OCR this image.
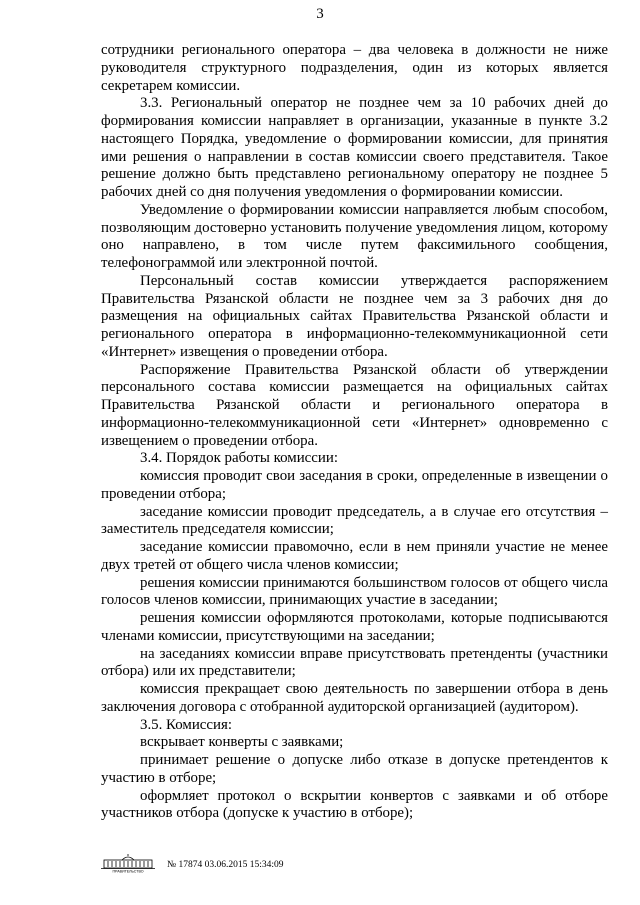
3

сотрудники регионального оператора – два человека в должности не ниже руководителя структурного подразделения, один из которых является секретарем комиссии.

3.3. Региональный оператор не позднее чем за 10 рабочих дней до формирования комиссии направляет в организации, указанные в пункте 3.2 настоящего Порядка, уведомление о формировании комиссии, для принятия ими решения о направлении в состав комиссии своего представителя. Такое решение должно быть представлено региональному оператору не позднее 5 рабочих дней со дня получения уведомления о формировании комиссии.

Уведомление о формировании комиссии направляется любым способом, позволяющим достоверно установить получение уведомления лицом, которому оно направлено, в том числе путем факсимильного сообщения, телефонограммой или электронной почтой.

Персональный состав комиссии утверждается распоряжением Правительства Рязанской области не позднее чем за 3 рабочих дня до размещения на официальных сайтах Правительства Рязанской области и регионального оператора в информационно-телекоммуникационной сети «Интернет» извещения о проведении отбора.

Распоряжение Правительства Рязанской области об утверждении персонального состава комиссии размещается на официальных сайтах Правительства Рязанской области и регионального оператора в информационно-телекоммуникационной сети «Интернет» одновременно с извещением о проведении отбора.

3.4. Порядок работы комиссии:

комиссия проводит свои заседания в сроки, определенные в извещении о проведении отбора;

заседание комиссии проводит председатель, а в случае его отсутствия – заместитель председателя комиссии;

заседание комиссии правомочно, если в нем приняли участие не менее двух третей от общего числа членов комиссии;

решения комиссии принимаются большинством голосов от общего числа голосов членов комиссии, принимающих участие в заседании;

решения комиссии оформляются протоколами, которые подписываются членами комиссии, присутствующими на заседании;

на заседаниях комиссии вправе присутствовать претенденты (участники отбора) или их представители;

комиссия прекращает свою деятельность по завершении отбора в день заключения договора с отобранной аудиторской организацией (аудитором).

3.5. Комиссия:

вскрывает конверты с заявками;

принимает решение о допуске либо отказе в допуске претендентов к участию в отборе;

оформляет протокол о вскрытии конвертов с заявками и об отборе участников отбора (допуске к участию в отборе);

ПРАВИТЕЛЬСТВО
№ 17874 03.06.2015 15:34:09
